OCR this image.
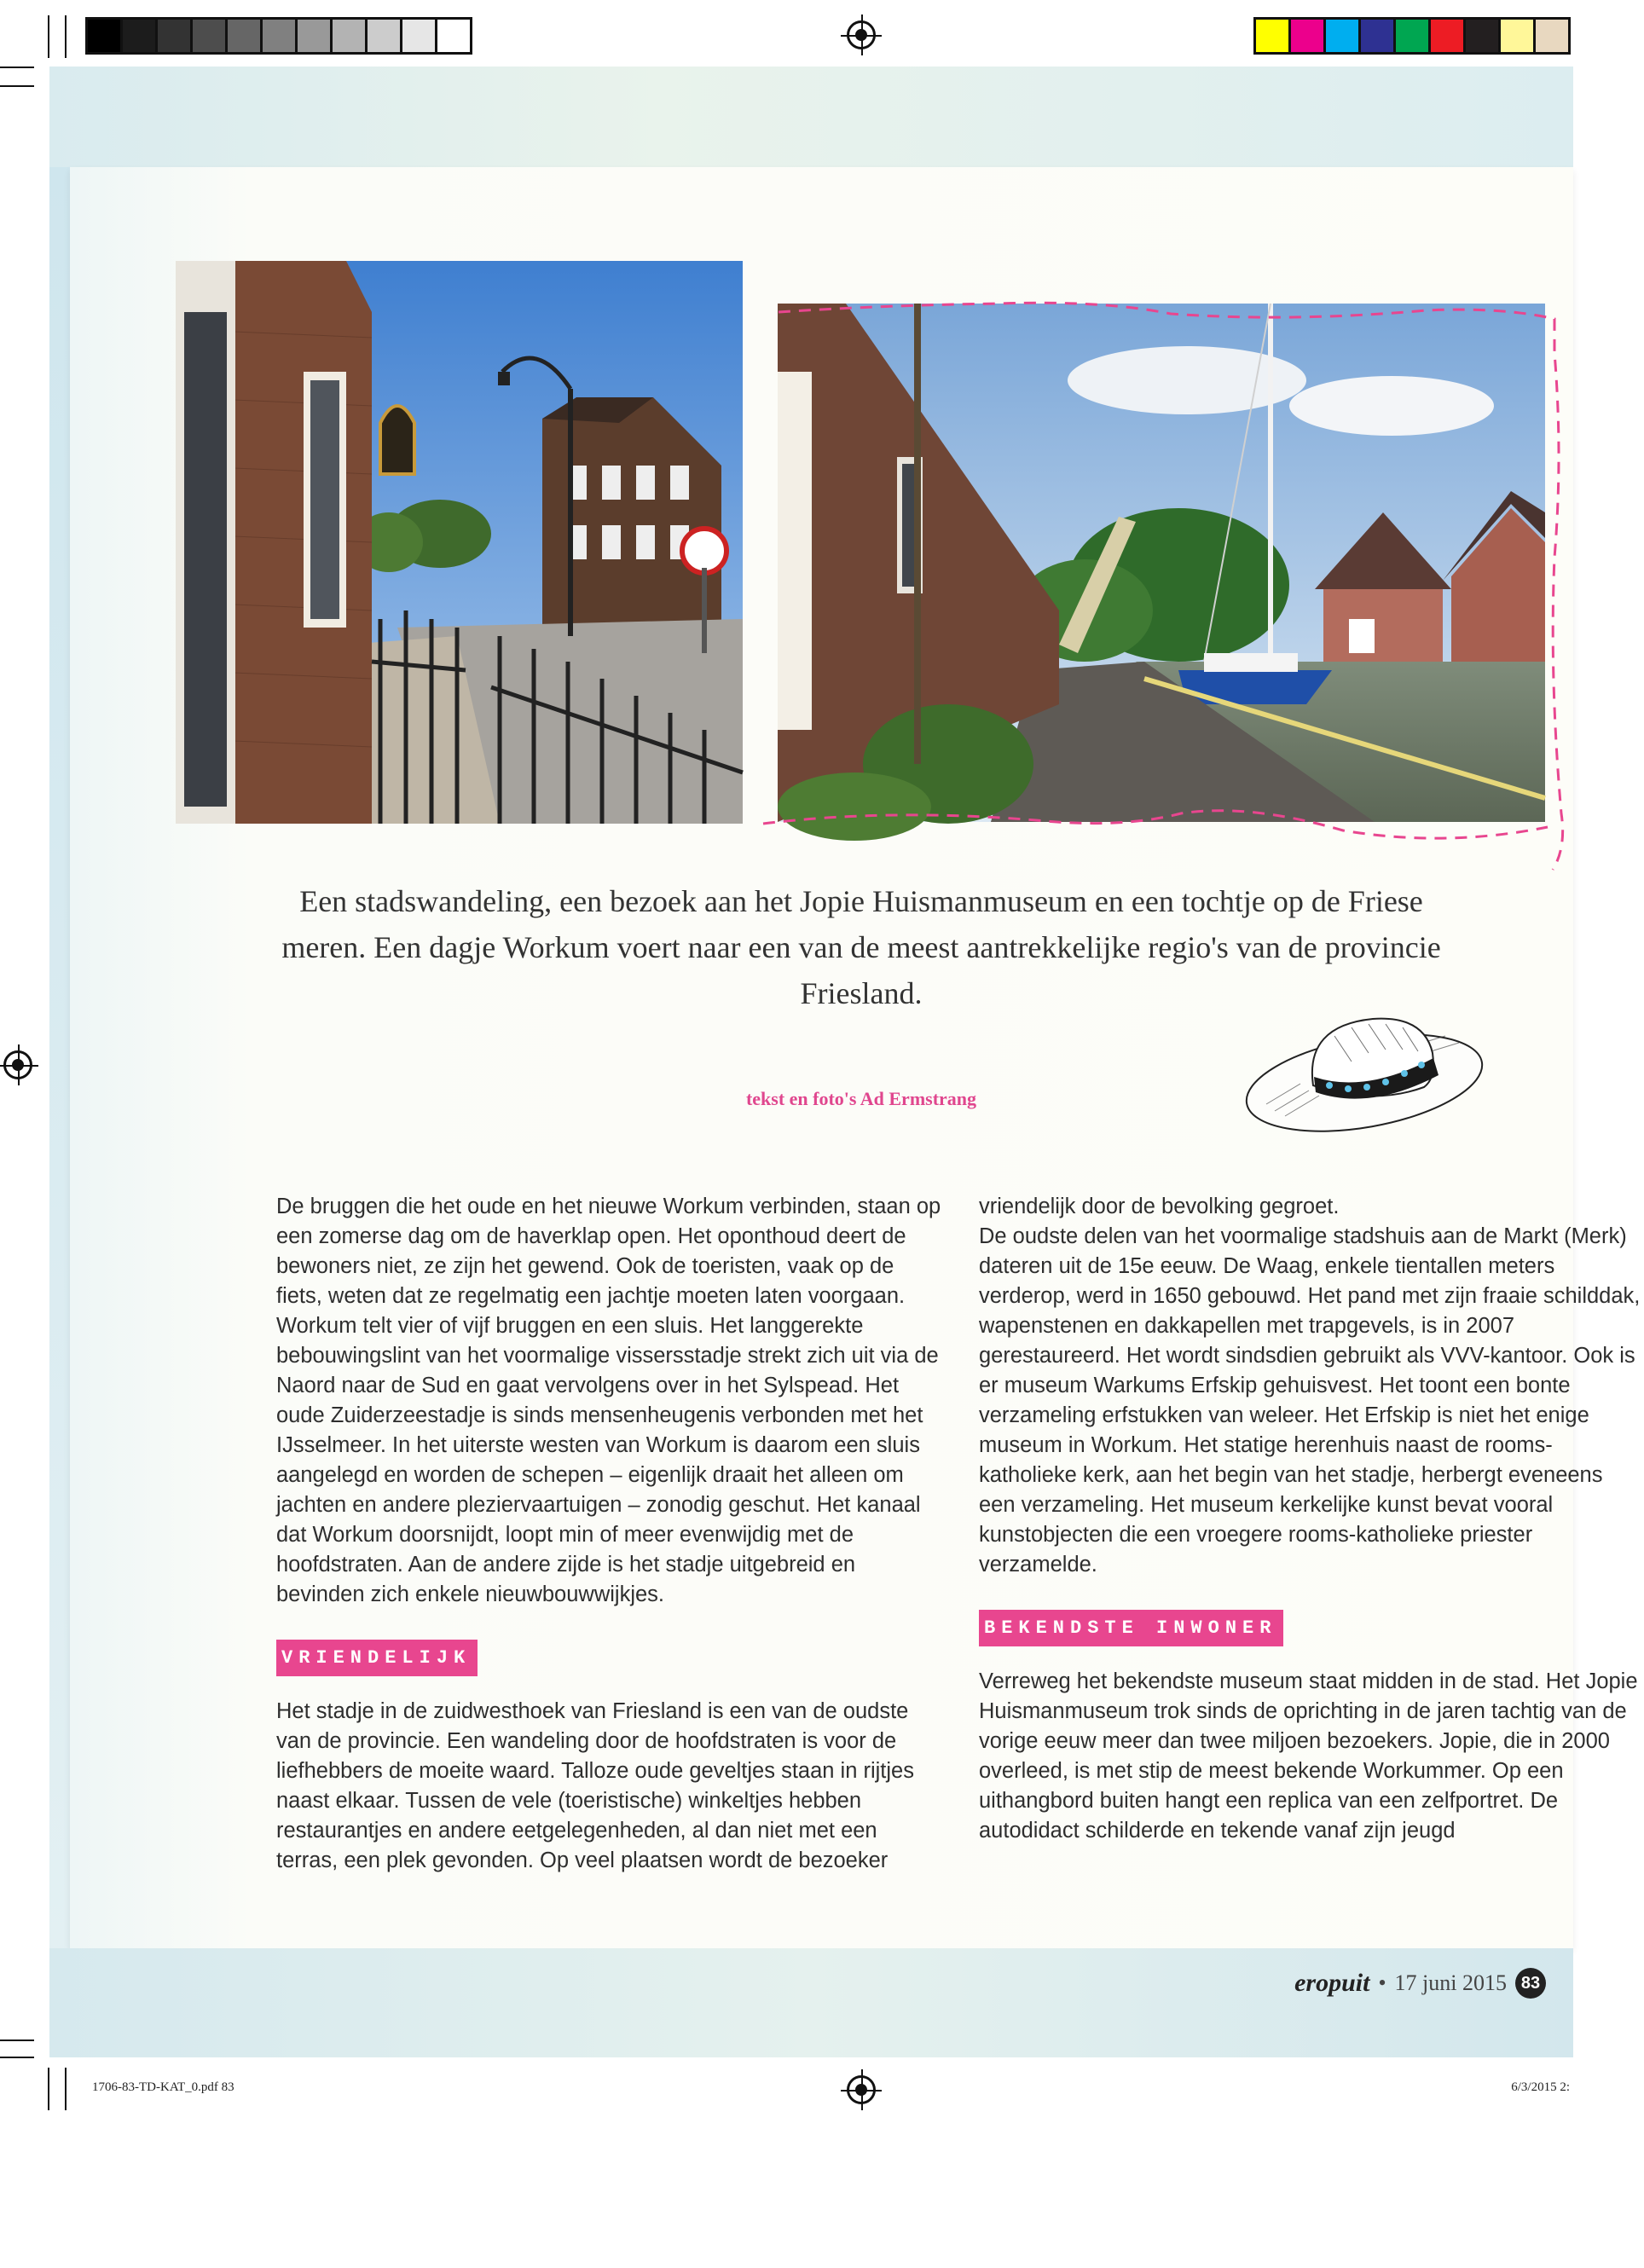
Een stadswandeling, een bezoek aan het Jopie Huismanmuseum en een tochtje op de Friese meren. Een dagje Workum voert naar een van de meest aantrekkelijke regio's van de provincie Friesland.

tekst en foto's Ad Ermstrang

De bruggen die het oude en het nieuwe Workum verbinden, staan op een zomerse dag om de haverklap open. Het oponthoud deert de bewoners niet, ze zijn het gewend. Ook de toeristen, vaak op de fiets, weten dat ze regelmatig een jachtje moeten laten voorgaan.

Workum telt vier of vijf bruggen en een sluis. Het langgerekte bebouwingslint van het voormalige vissersstadje strekt zich uit via de Naord naar de Sud en gaat vervolgens over in het Sylspead. Het oude Zuiderzeestadje is sinds mensenheugenis verbonden met het IJsselmeer. In het uiterste westen van Workum is daarom een sluis aangelegd en worden de schepen – eigenlijk draait het alleen om jachten en andere pleziervaartuigen – zonodig geschut. Het kanaal dat Workum doorsnijdt, loopt min of meer evenwijdig met de hoofdstraten. Aan de andere zijde is het stadje uitgebreid en bevinden zich enkele nieuwbouwwijkjes.

VRIENDELIJK

Het stadje in de zuidwesthoek van Friesland is een van de oudste van de provincie. Een wandeling door de hoofdstraten is voor de liefhebbers de moeite waard. Talloze oude geveltjes staan in rijtjes naast elkaar. Tussen de vele (toeristische) winkeltjes hebben restaurantjes en andere eetgelegenheden, al dan niet met een terras, een plek gevonden. Op veel plaatsen wordt de bezoeker

vriendelijk door de bevolking gegroet.

De oudste delen van het voormalige stadshuis aan de Markt (Merk) dateren uit de 15e eeuw. De Waag, enkele tientallen meters verderop, werd in 1650 gebouwd. Het pand met zijn fraaie schilddak, wapenstenen en dakkapellen met trapgevels, is in 2007 gerestaureerd. Het wordt sindsdien gebruikt als VVV-kantoor. Ook is er museum Warkums Erfskip gehuisvest. Het toont een bonte verzameling erfstukken van weleer. Het Erfskip is niet het enige museum in Workum. Het statige herenhuis naast de rooms-katholieke kerk, aan het begin van het stadje, herbergt eveneens een verzameling. Het museum kerkelijke kunst bevat vooral kunstobjecten die een vroegere rooms-katholieke priester verzamelde.

BEKENDSTE INWONER

Verreweg het bekendste museum staat midden in de stad. Het Jopie Huismanmuseum trok sinds de oprichting in de jaren tachtig van de vorige eeuw meer dan twee miljoen bezoekers. Jopie, die in 2000 overleed, is met stip de meest bekende Workummer. Op een uithangbord buiten hangt een replica van een zelfportret. De autodidact schilderde en tekende vanaf zijn jeugd

eropuit • 17 juni 2015 83
1706-83-TD-KAT_0.pdf 83	6/3/2015 2:
